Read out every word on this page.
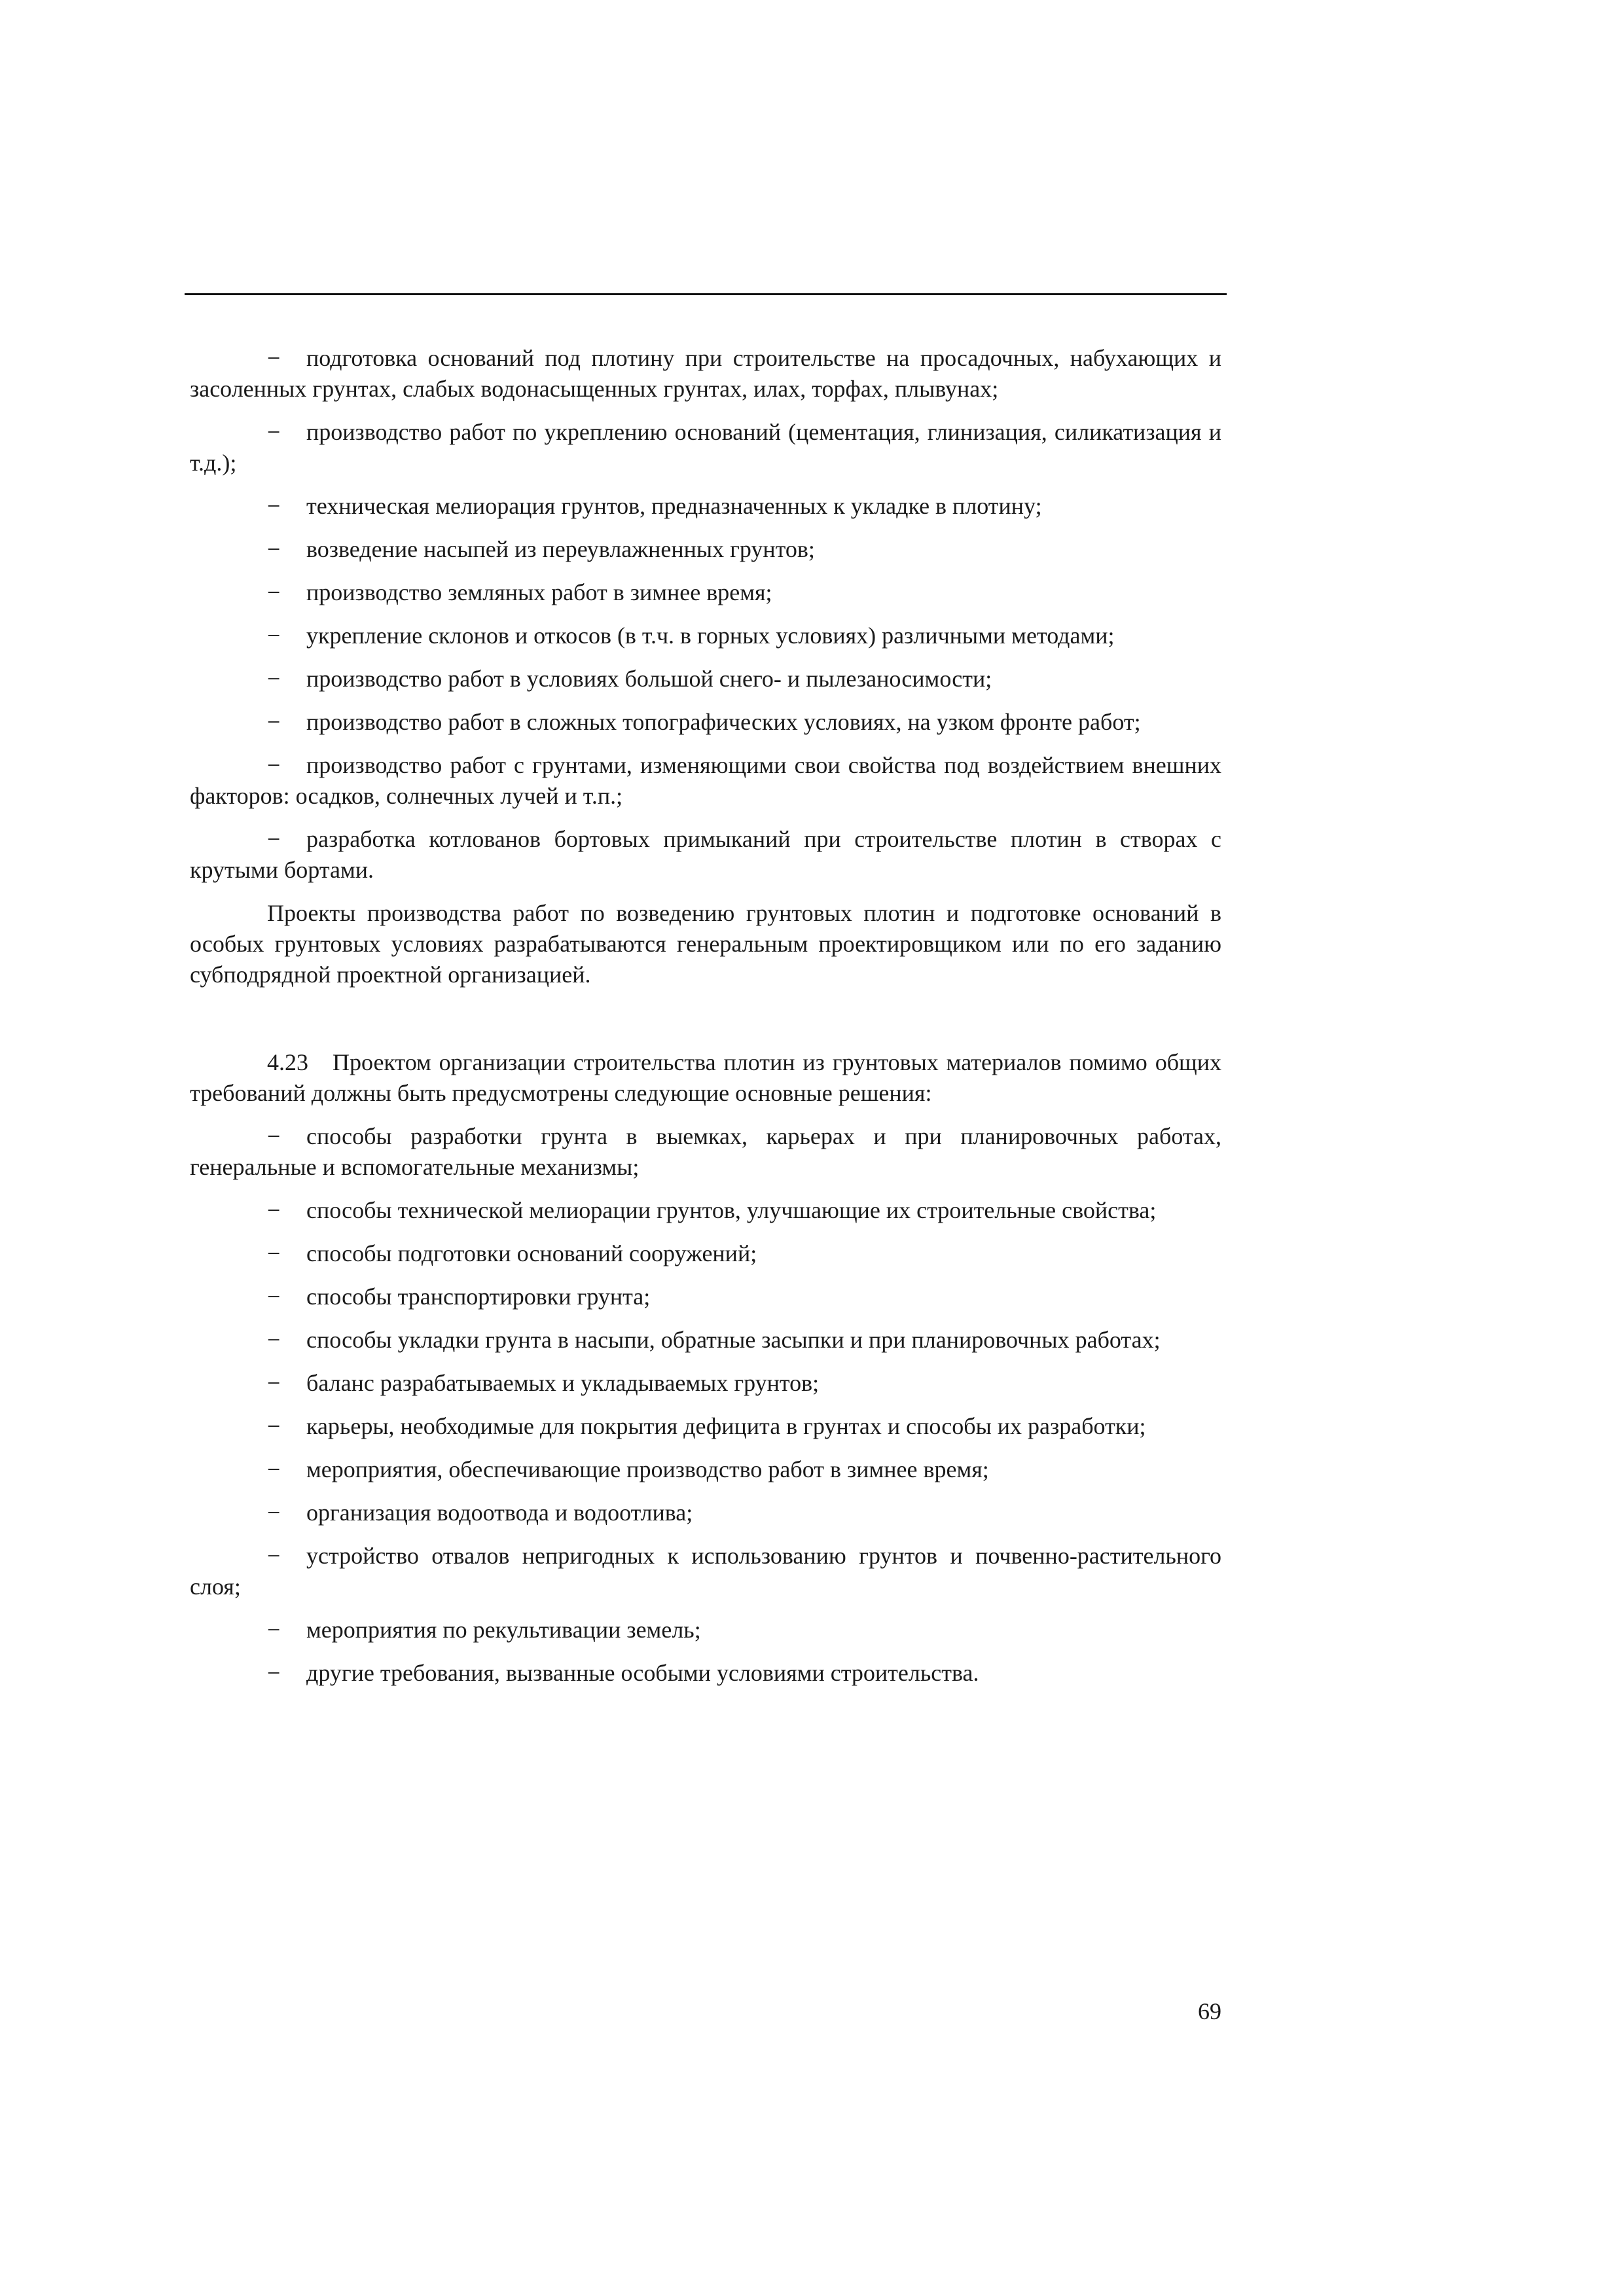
− подготовка оснований под плотину при строительстве на просадочных, набухающих и засоленных грунтах, слабых водонасыщенных грунтах, илах, торфах, плывунах;

− производство работ по укреплению оснований (цементация, глинизация, силикатизация и т.д.);

− техническая мелиорация грунтов, предназначенных к укладке в плотину;

− возведение насыпей из переувлажненных грунтов;

− производство земляных работ в зимнее время;

− укрепление склонов и откосов (в т.ч. в горных условиях) различными методами;

− производство работ в условиях большой снего- и пылезаносимости;

− производство работ в сложных топографических условиях, на узком фронте работ;

− производство работ с грунтами, изменяющими свои свойства под воздействием внешних факторов: осадков, солнечных лучей и т.п.;

− разработка котлованов бортовых примыканий при строительстве плотин в створах с крутыми бортами.

Проекты производства работ по возведению грунтовых плотин и подготовке оснований в особых грунтовых условиях разрабатываются генеральным проектировщиком или по его заданию субподрядной проектной организацией.

4.23 Проектом организации строительства плотин из грунтовых материалов помимо общих требований должны быть предусмотрены следующие основные решения:

− способы разработки грунта в выемках, карьерах и при планировочных работах, генеральные и вспомогательные механизмы;

− способы технической мелиорации грунтов, улучшающие их строительные свойства;

− способы подготовки оснований сооружений;

− способы транспортировки грунта;

− способы укладки грунта в насыпи, обратные засыпки и при планировочных работах;

− баланс разрабатываемых и укладываемых грунтов;

− карьеры, необходимые для покрытия дефицита в грунтах и способы их разработки;

− мероприятия, обеспечивающие производство работ в зимнее время;

− организация водоотвода и водоотлива;

− устройство отвалов непригодных к использованию грунтов и почвенно-растительного слоя;

− мероприятия по рекультивации земель;

− другие требования, вызванные особыми условиями строительства.

69
